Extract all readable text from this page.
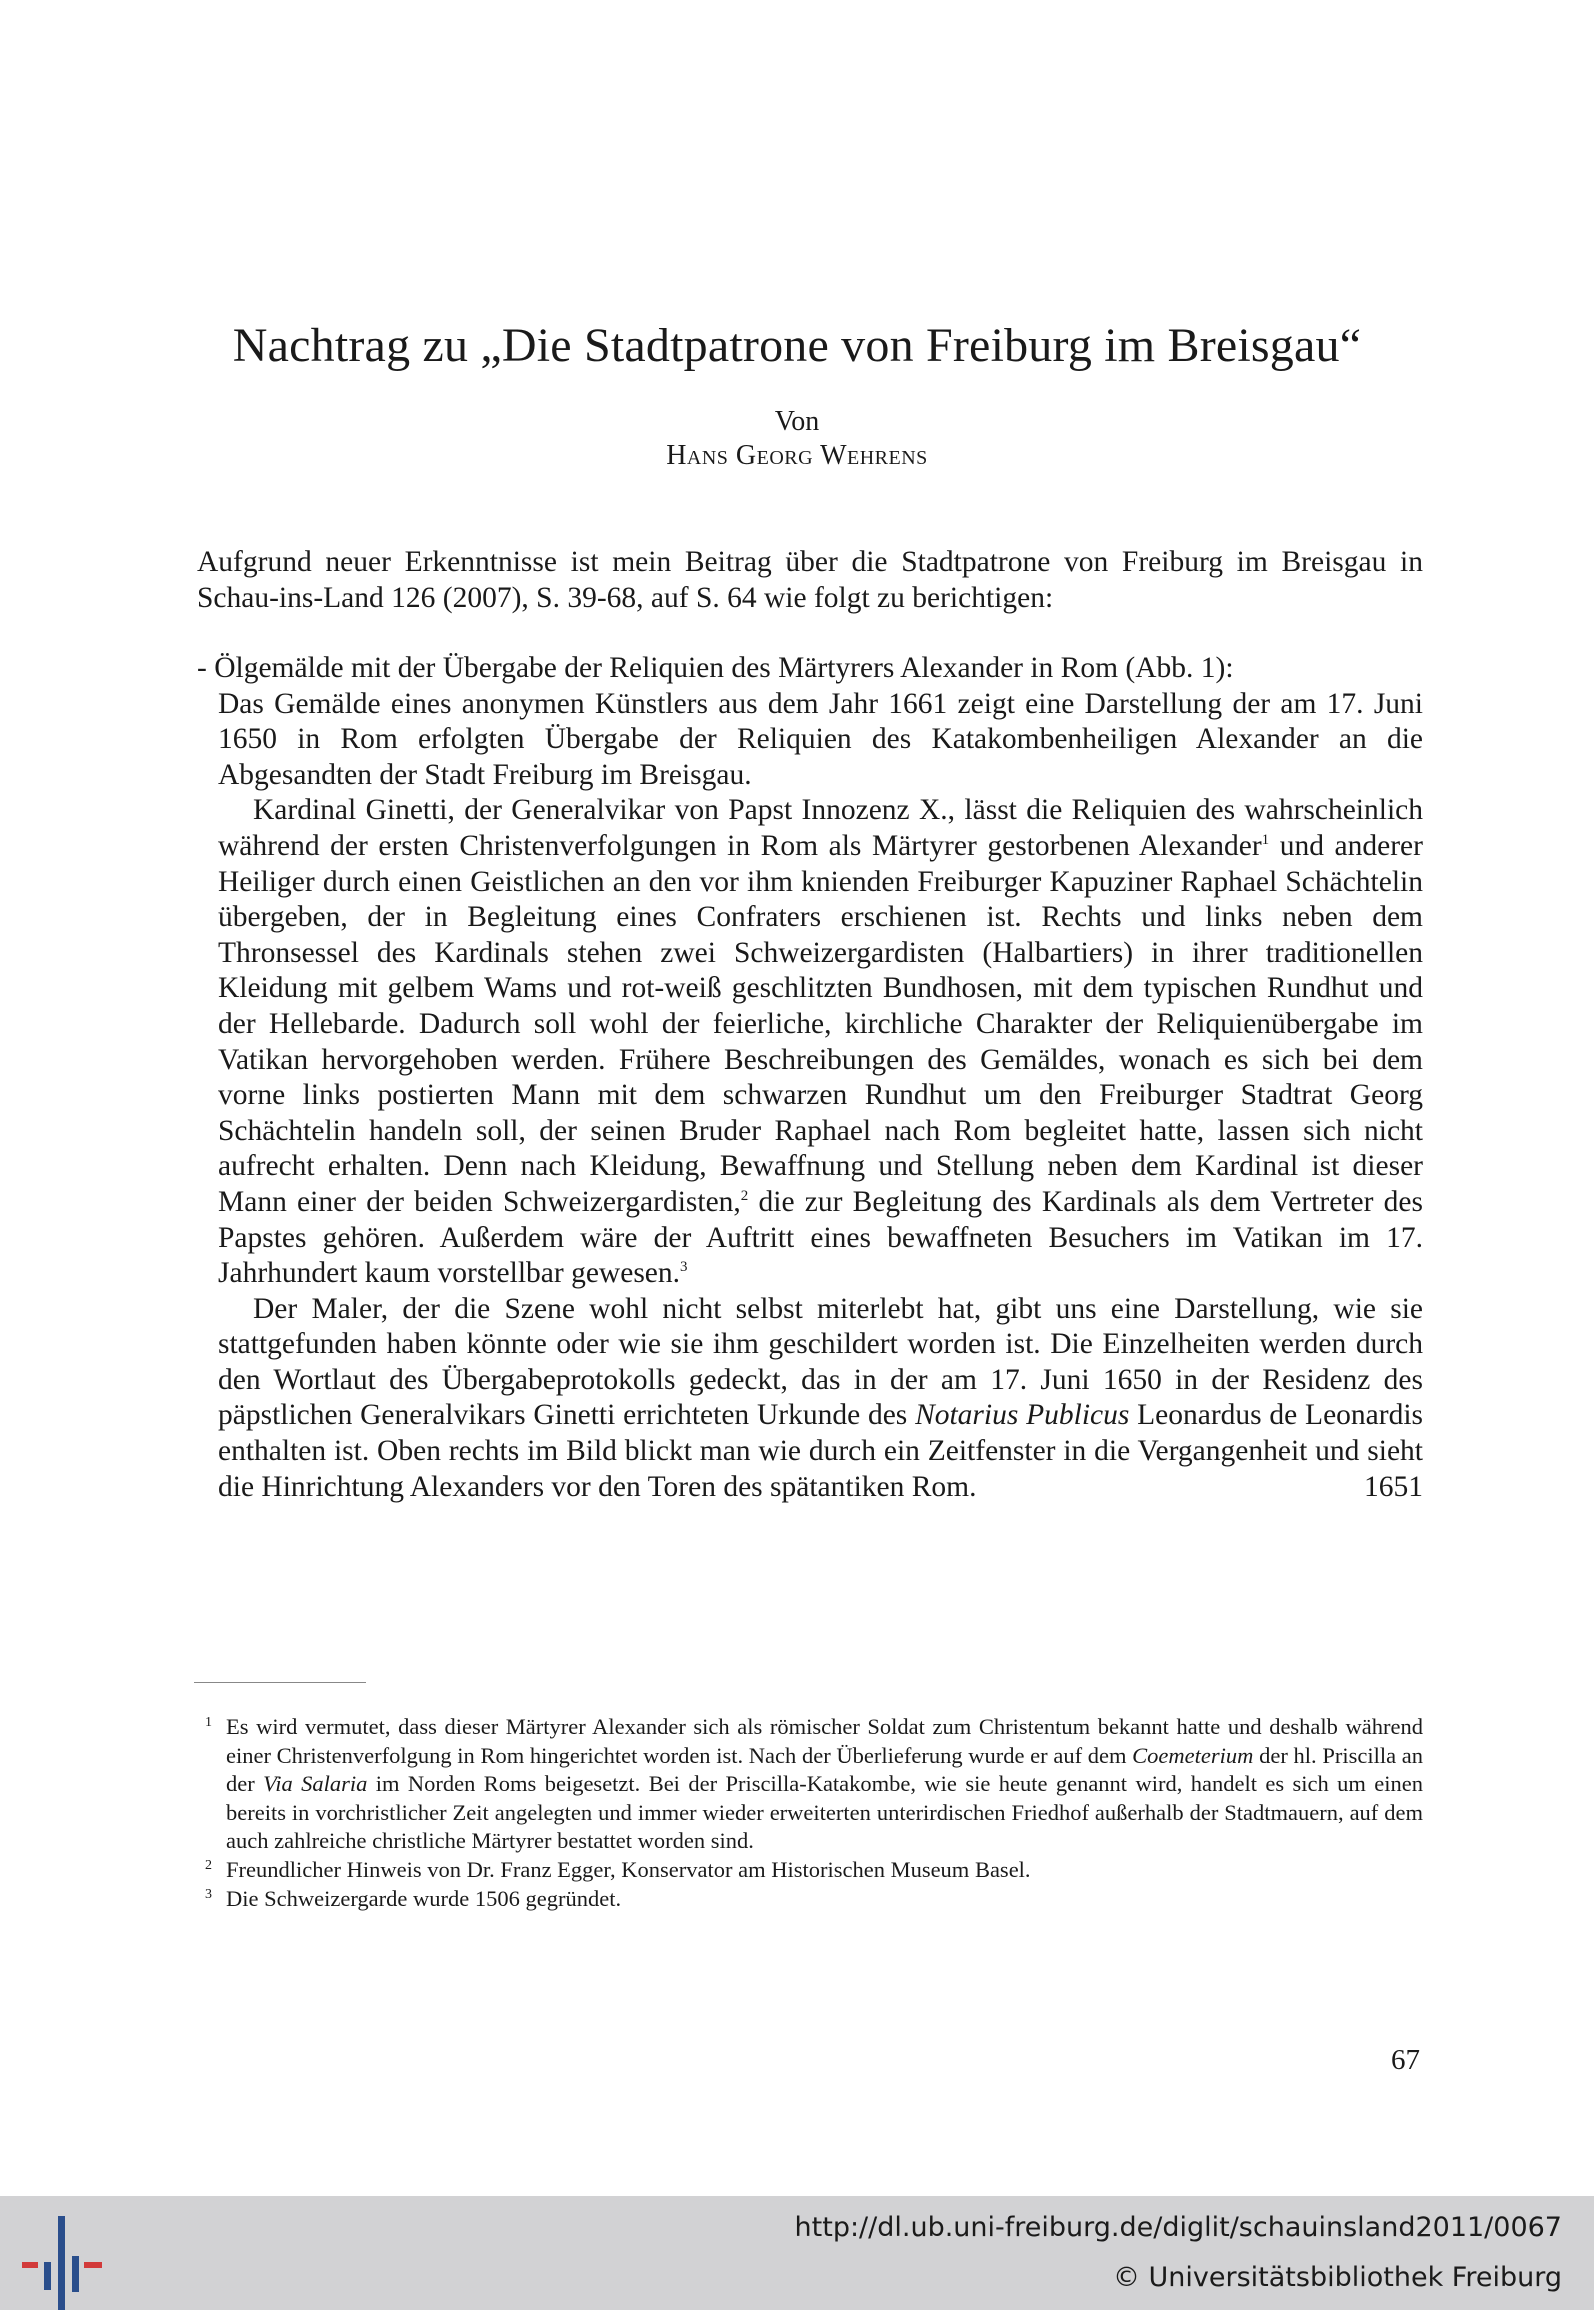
Nachtrag zu „Die Stadtpatrone von Freiburg im Breisgau“
Von
Hans Georg Wehrens

Aufgrund neuer Erkenntnisse ist mein Beitrag über die Stadtpatrone von Freiburg im Breisgau in Schau-ins-Land 126 (2007), S. 39-68, auf S. 64 wie folgt zu berichtigen:

- Ölgemälde mit der Übergabe der Reliquien des Märtyrers Alexander in Rom (Abb. 1):

Das Gemälde eines anonymen Künstlers aus dem Jahr 1661 zeigt eine Darstellung der am 17. Juni 1650 in Rom erfolgten Übergabe der Reliquien des Katakombenheiligen Alexander an die Abgesandten der Stadt Freiburg im Breisgau.

Kardinal Ginetti, der Generalvikar von Papst Innozenz X., lässt die Reliquien des wahrscheinlich während der ersten Christenverfolgungen in Rom als Märtyrer gestorbenen Alexander$^1$ und anderer Heiliger durch einen Geistlichen an den vor ihm knienden Freiburger Kapuziner Raphael Schächtelin übergeben, der in Begleitung eines Confraters erschienen ist. Rechts und links neben dem Thronsessel des Kardinals stehen zwei Schweizergardisten (Halbartiers) in ihrer traditionellen Kleidung mit gelbem Wams und rot-weiß geschlitzten Bundhosen, mit dem typischen Rundhut und der Hellebarde. Dadurch soll wohl der feierliche, kirchliche Charakter der Reliquienübergabe im Vatikan hervorgehoben werden. Frühere Beschreibungen des Gemäldes, wonach es sich bei dem vorne links postierten Mann mit dem schwarzen Rundhut um den Freiburger Stadtrat Georg Schächtelin handeln soll, der seinen Bruder Raphael nach Rom begleitet hatte, lassen sich nicht aufrecht erhalten. Denn nach Kleidung, Bewaffnung und Stellung neben dem Kardinal ist dieser Mann einer der beiden Schweizergardisten,$^2$ die zur Begleitung des Kardinals als dem Vertreter des Papstes gehören. Außerdem wäre der Auftritt eines bewaffneten Besuchers im Vatikan im 17. Jahrhundert kaum vorstellbar gewesen.$^3$

Der Maler, der die Szene wohl nicht selbst miterlebt hat, gibt uns eine Darstellung, wie sie stattgefunden haben könnte oder wie sie ihm geschildert worden ist. Die Einzelheiten werden durch den Wortlaut des Übergabeprotokolls gedeckt, das in der am 17. Juni 1650 in der Residenz des päpstlichen Generalvikars Ginetti errichteten Urkunde des Notarius Publicus Leonardus de Leonardis enthalten ist. Oben rechts im Bild blickt man wie durch ein Zeitfenster in die Vergangenheit und sieht die Hinrichtung Alexanders vor den Toren des spätantiken Rom.	1651

1 Es wird vermutet, dass dieser Märtyrer Alexander sich als römischer Soldat zum Christentum bekannt hatte und deshalb während einer Christenverfolgung in Rom hingerichtet worden ist. Nach der Überlieferung wurde er auf dem Coemeterium der hl. Priscilla an der Via Salaria im Norden Roms beigesetzt. Bei der Priscilla-Katakombe, wie sie heute genannt wird, handelt es sich um einen bereits in vorchristlicher Zeit angelegten und immer wieder erweiterten unterirdischen Friedhof außerhalb der Stadtmauern, auf dem auch zahlreiche christliche Märtyrer bestattet worden sind.

2 Freundlicher Hinweis von Dr. Franz Egger, Konservator am Historischen Museum Basel.

3 Die Schweizergarde wurde 1506 gegründet.

67
http://dl.ub.uni-freiburg.de/diglit/schauinsland2011/0067
© Universitätsbibliothek Freiburg
